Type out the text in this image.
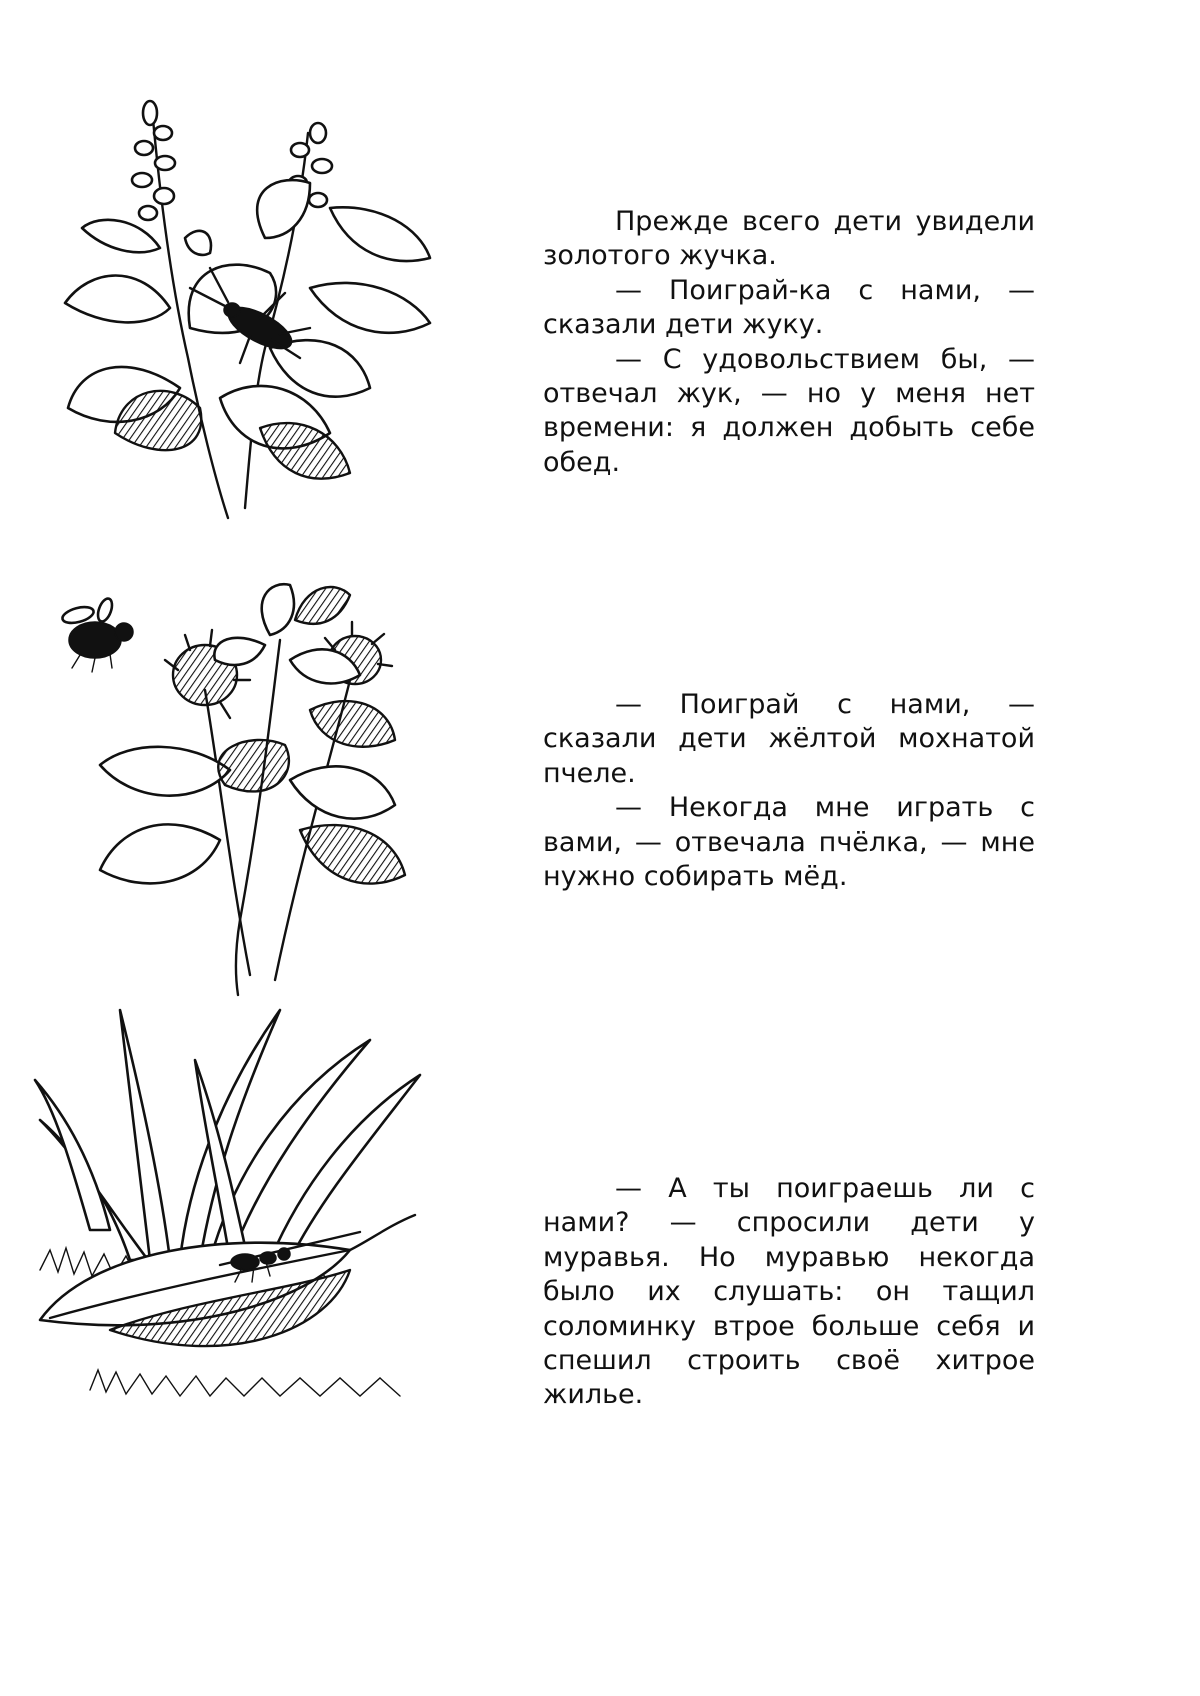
Прежде всего дети увидели золотого жучка.

— Поиграй-ка с нами, — сказали дети жуку.

— С удовольствием бы, — отвечал жук, — но у меня нет времени: я должен добыть себе обед.

— Поиграй с нами, — сказали дети жёлтой мохнатой пчеле.

— Некогда мне играть с вами, — отвечала пчёлка, — мне нужно собирать мёд.

— А ты поиграешь ли с нами? — спросили дети у муравья. Но муравью некогда было их слушать: он тащил соломинку втрое больше себя и спешил строить своё хитрое жилье.
